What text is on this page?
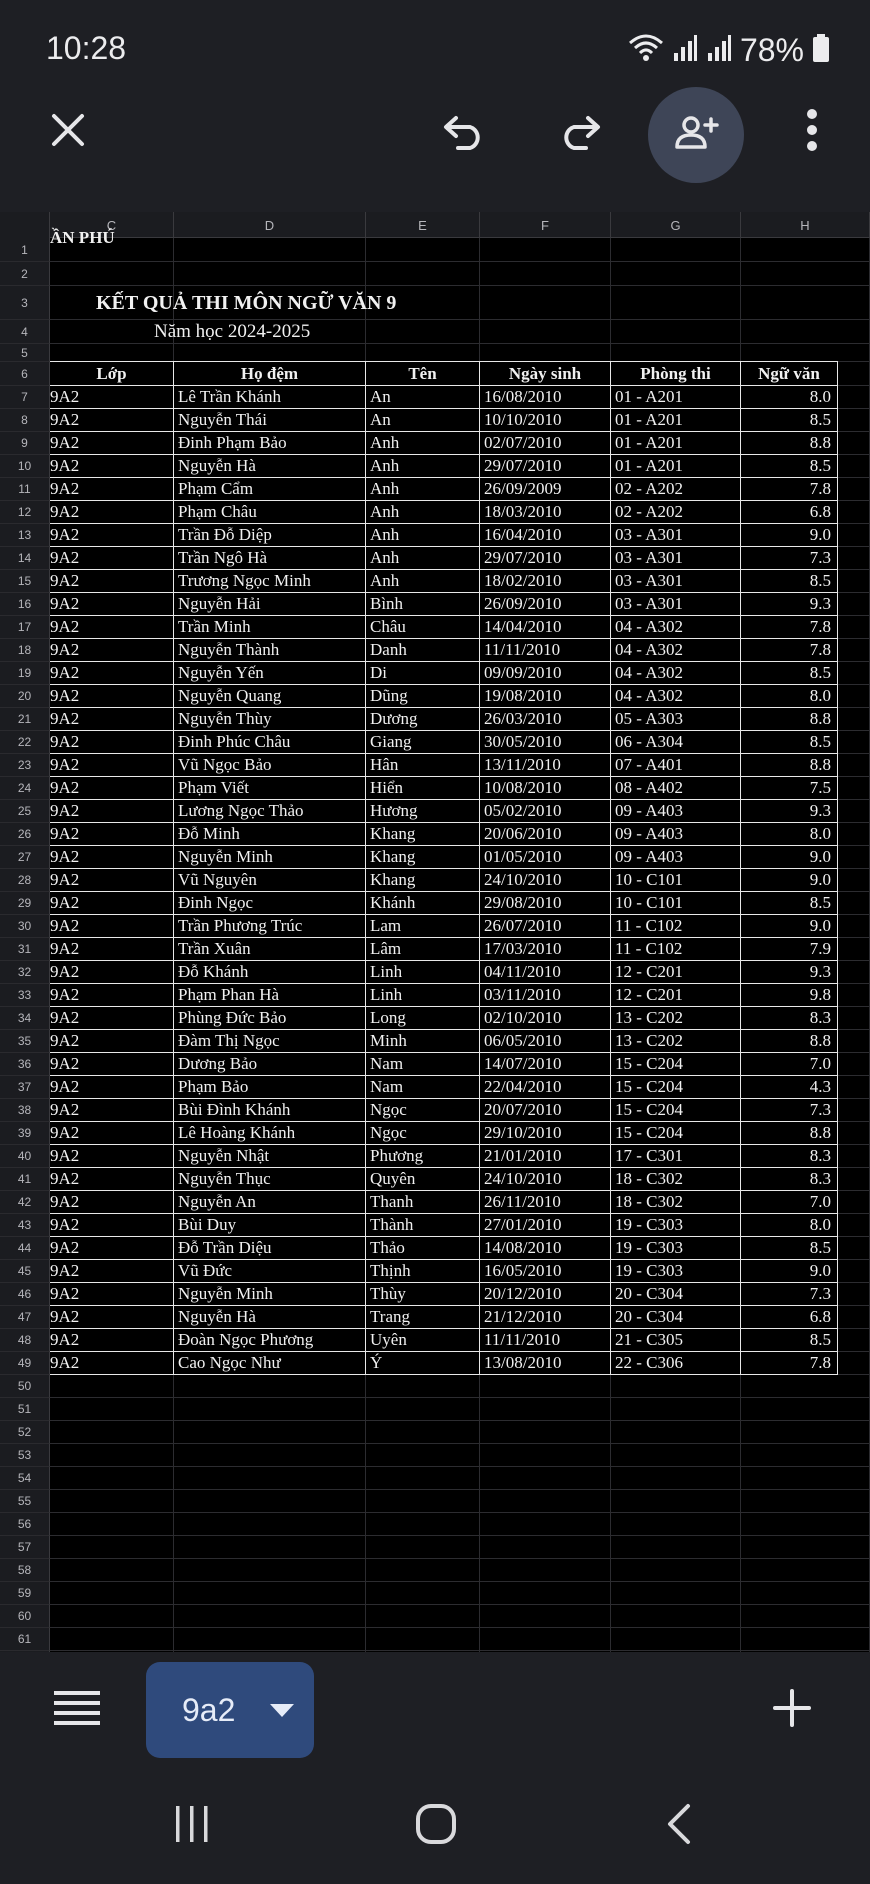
10:28	78%
C	D	E	F	G	H
1
ẦN PHÚ
2
3	KẾT QUẢ THI MÔN NGỮ VĂN 9
4	Năm học 2024-2025
5
6	Lớp	Họ đệm	Tên	Ngày sinh	Phòng thi	Ngữ văn
7	9A2	Lê Trần Khánh	An	16/08/2010	01 - A201	8.0
8	9A2	Nguyễn Thái	An	10/10/2010	01 - A201	8.5
9	9A2	Đinh Phạm Bảo	Anh	02/07/2010	01 - A201	8.8
10	9A2	Nguyễn Hà	Anh	29/07/2010	01 - A201	8.5
11	9A2	Phạm Cẩm	Anh	26/09/2009	02 - A202	7.8
12	9A2	Phạm Châu	Anh	18/03/2010	02 - A202	6.8
13	9A2	Trần Đỗ Diệp	Anh	16/04/2010	03 - A301	9.0
14	9A2	Trần Ngô Hà	Anh	29/07/2010	03 - A301	7.3
15	9A2	Trương Ngọc Minh	Anh	18/02/2010	03 - A301	8.5
16	9A2	Nguyễn Hải	Bình	26/09/2010	03 - A301	9.3
17	9A2	Trần Minh	Châu	14/04/2010	04 - A302	7.8
18	9A2	Nguyễn Thành	Danh	11/11/2010	04 - A302	7.8
19	9A2	Nguyễn Yến	Di	09/09/2010	04 - A302	8.5
20	9A2	Nguyễn Quang	Dũng	19/08/2010	04 - A302	8.0
21	9A2	Nguyễn Thùy	Dương	26/03/2010	05 - A303	8.8
22	9A2	Đinh Phúc Châu	Giang	30/05/2010	06 - A304	8.5
23	9A2	Vũ Ngọc Bảo	Hân	13/11/2010	07 - A401	8.8
24	9A2	Phạm Viết	Hiển	10/08/2010	08 - A402	7.5
25	9A2	Lương Ngọc Thảo	Hương	05/02/2010	09 - A403	9.3
26	9A2	Đỗ Minh	Khang	20/06/2010	09 - A403	8.0
27	9A2	Nguyễn Minh	Khang	01/05/2010	09 - A403	9.0
28	9A2	Vũ Nguyên	Khang	24/10/2010	10 - C101	9.0
29	9A2	Đinh Ngọc	Khánh	29/08/2010	10 - C101	8.5
30	9A2	Trần Phương Trúc	Lam	26/07/2010	11 - C102	9.0
31	9A2	Trần Xuân	Lâm	17/03/2010	11 - C102	7.9
32	9A2	Đỗ Khánh	Linh	04/11/2010	12 - C201	9.3
33	9A2	Phạm Phan Hà	Linh	03/11/2010	12 - C201	9.8
34	9A2	Phùng Đức Bảo	Long	02/10/2010	13 - C202	8.3
35	9A2	Đàm Thị Ngọc	Minh	06/05/2010	13 - C202	8.8
36	9A2	Dương Bảo	Nam	14/07/2010	15 - C204	7.0
37	9A2	Phạm Bảo	Nam	22/04/2010	15 - C204	4.3
38	9A2	Bùi Đình Khánh	Ngọc	20/07/2010	15 - C204	7.3
39	9A2	Lê Hoàng Khánh	Ngọc	29/10/2010	15 - C204	8.8
40	9A2	Nguyễn Nhật	Phương	21/01/2010	17 - C301	8.3
41	9A2	Nguyễn Thục	Quyên	24/10/2010	18 - C302	8.3
42	9A2	Nguyễn An	Thanh	26/11/2010	18 - C302	7.0
43	9A2	Bùi Duy	Thành	27/01/2010	19 - C303	8.0
44	9A2	Đỗ Trần Diệu	Thảo	14/08/2010	19 - C303	8.5
45	9A2	Vũ Đức	Thịnh	16/05/2010	19 - C303	9.0
46	9A2	Nguyễn Minh	Thùy	20/12/2010	20 - C304	7.3
47	9A2	Nguyễn Hà	Trang	21/12/2010	20 - C304	6.8
48	9A2	Đoàn Ngọc Phương	Uyên	11/11/2010	21 - C305	8.5
49	9A2	Cao Ngọc Như	Ý	13/08/2010	22 - C306	7.8
50
51
52
53
54
55
56
57
58
59
60
61
9a2
